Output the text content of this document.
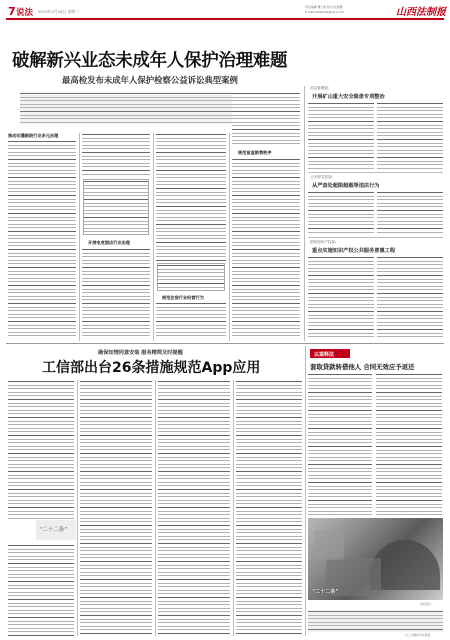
7 说法 2023年2月28日 星期二
责任编辑:曹红艳 校对:张丽雅
E-mail:sofabao9@sina.com	山西法制报
破解新兴业态未成年人保护治理难题
最高检发布未成年人保护检察公益诉讼典型案例
推动动漫剧院行业多元治理
开展电竞酒店行业治理
规范住宿行业经营行为
规范盲盒销售秩序
应急管理部:
开展矿山重大安全隐患专项整治
公安部交管局:
从严查处超限超载等违法行为
国家知识产权局:
重点实施知识产权公共服务普惠工程
确保知情同意安装 服务精简及时提醒
工信部出台26条措施规范App应用
“二十二条”
以案释法
套取贷款转借他人 合同无效应予返还
“二十二条”
资料图片
以上为据新华社报道
